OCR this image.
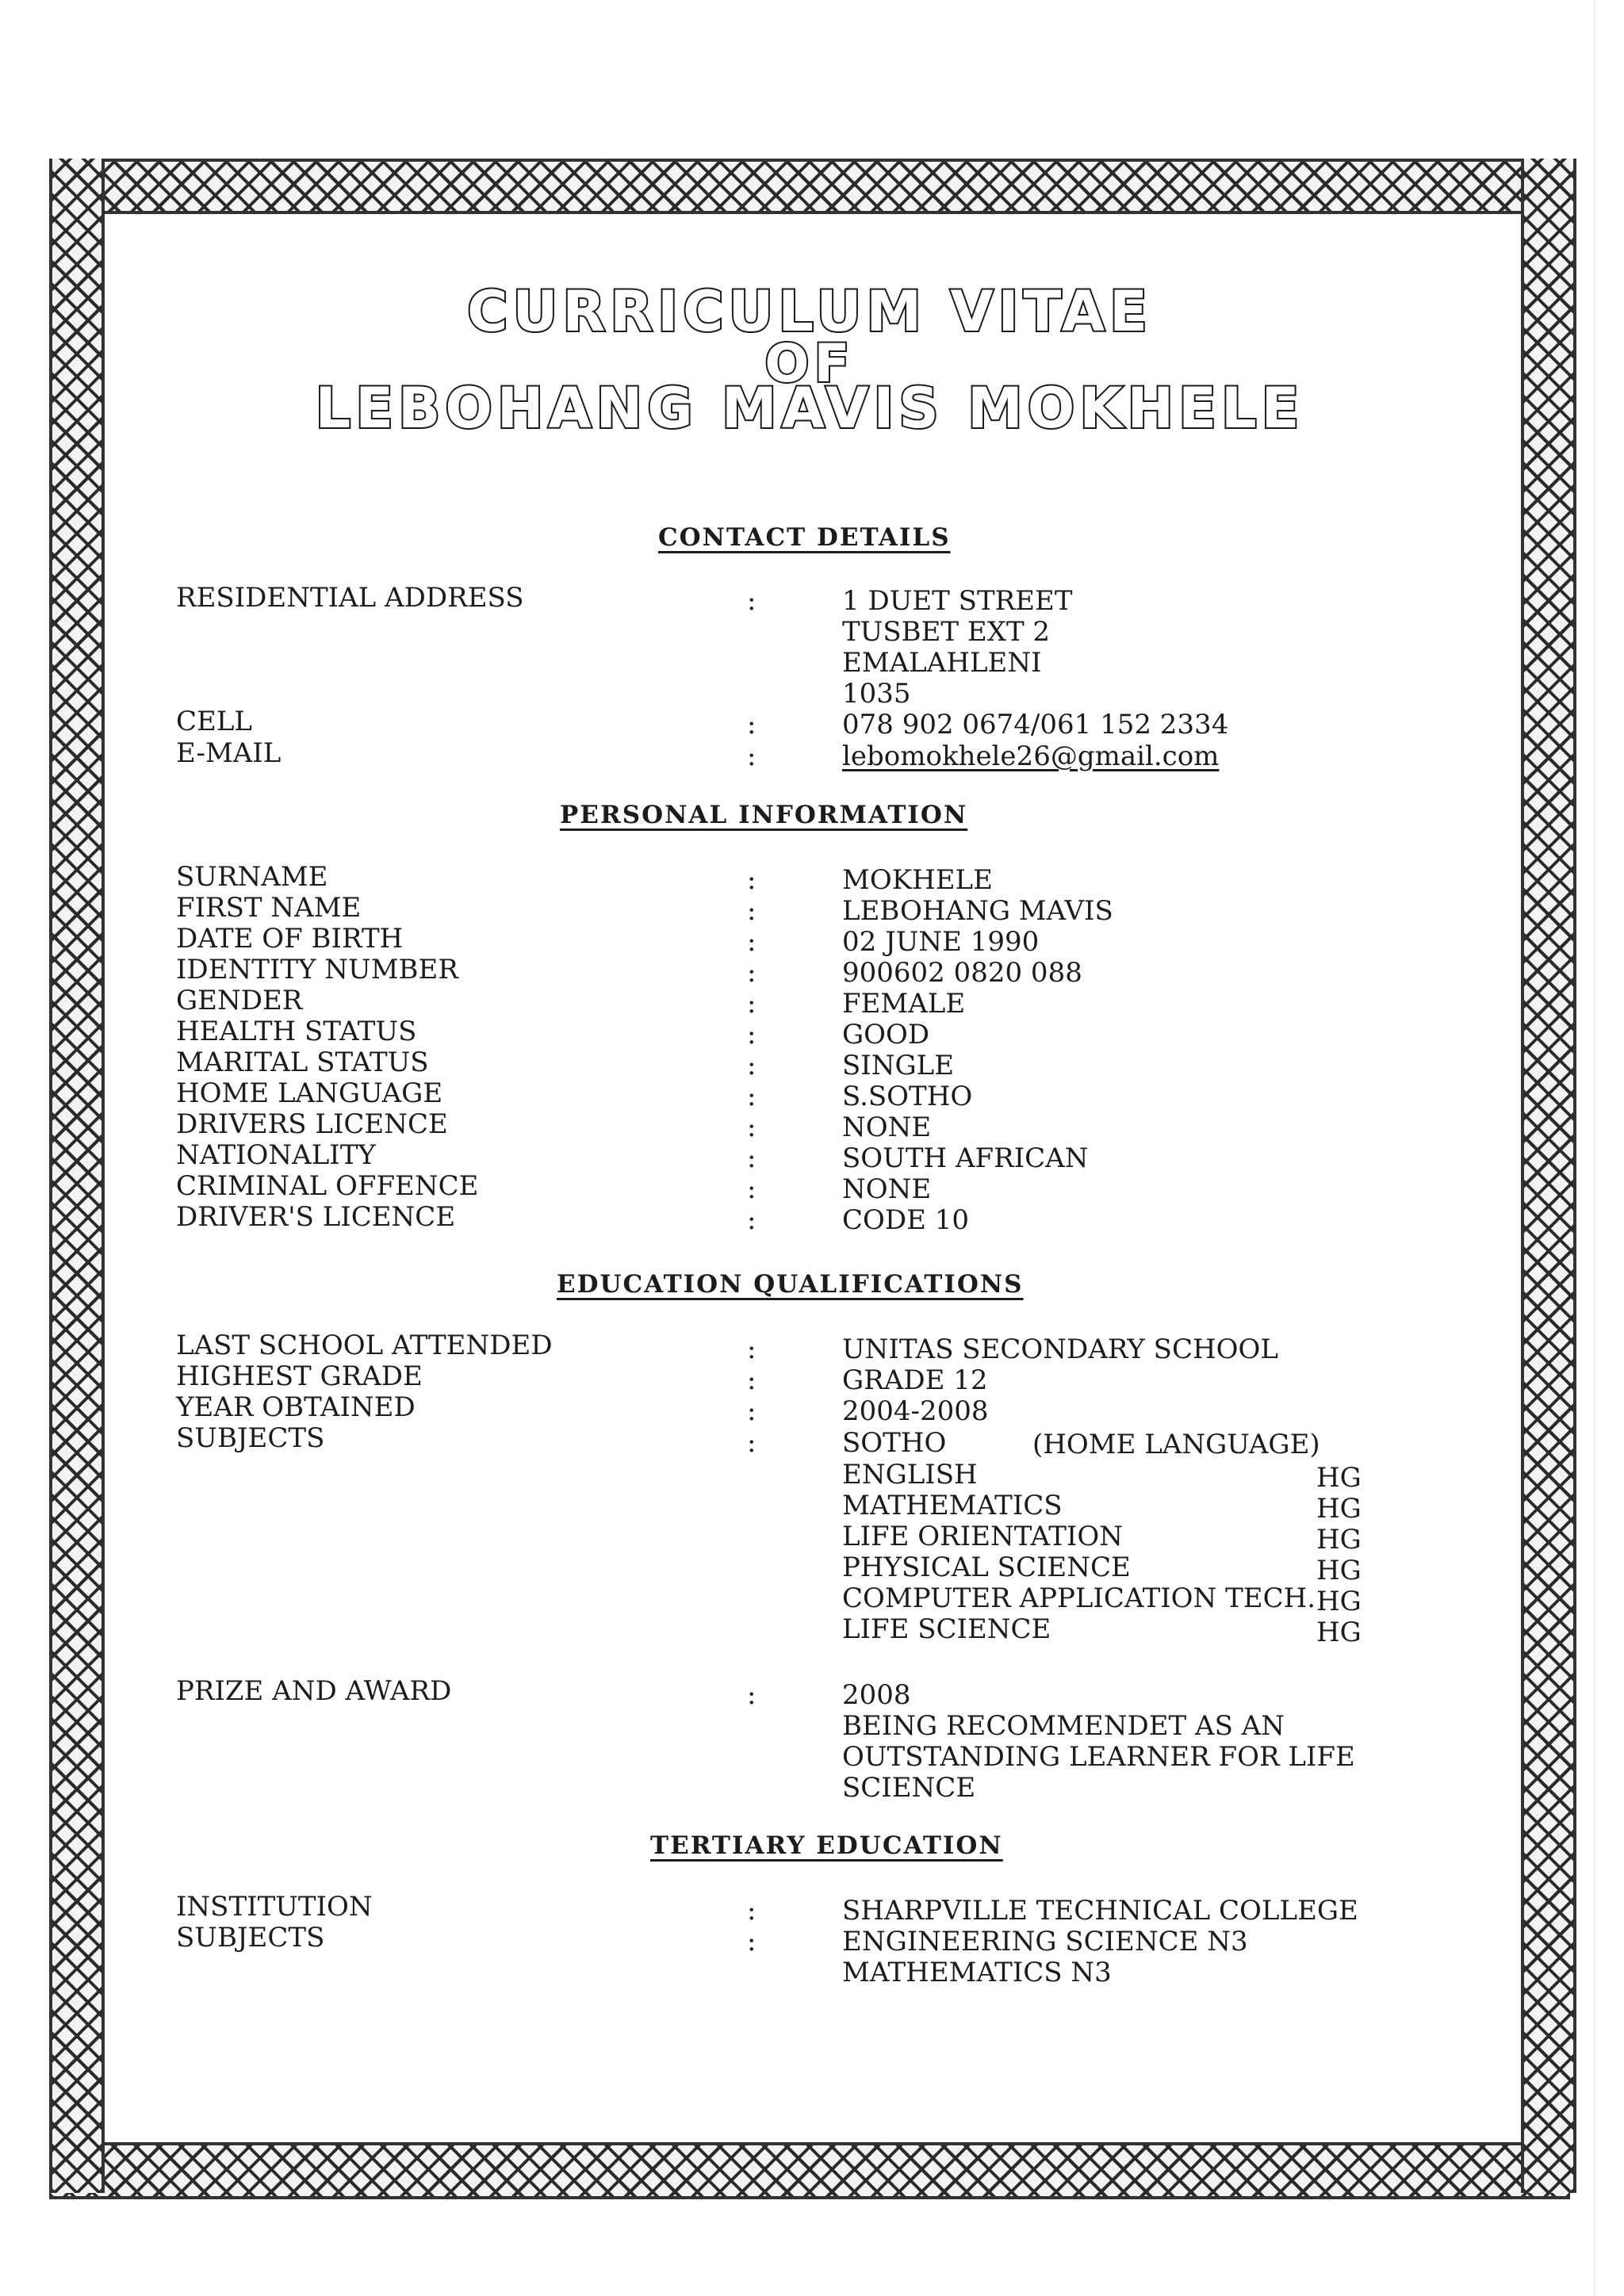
CURRICULUM VITAE
OF
LEBOHANG MAVIS MOKHELE
CONTACT DETAILS
RESIDENTIAL ADDRESS	:	1 DUET STREET
TUSBET EXT 2
EMALAHLENI
1035
CELL	:	078 902 0674/061 152 2334
E-MAIL	:	lebomokhele26@gmail.com
PERSONAL INFORMATION
SURNAME	:	MOKHELE
FIRST NAME	:	LEBOHANG MAVIS
DATE OF BIRTH	:	02 JUNE 1990
IDENTITY NUMBER	:	900602 0820 088
GENDER	:	FEMALE
HEALTH STATUS	:	GOOD
MARITAL STATUS	:	SINGLE
HOME LANGUAGE	:	S.SOTHO
DRIVERS LICENCE	:	NONE
NATIONALITY	:	SOUTH AFRICAN
CRIMINAL OFFENCE	:	NONE
DRIVER'S LICENCE	:	CODE 10
EDUCATION QUALIFICATIONS
LAST SCHOOL ATTENDED	:	UNITAS SECONDARY SCHOOL
HIGHEST GRADE	:	GRADE 12
YEAR OBTAINED	:	2004-2008
SUBJECTS	:	SOTHO	(HOME LANGUAGE)
ENGLISH	HG
MATHEMATICS	HG
LIFE ORIENTATION	HG
PHYSICAL SCIENCE	HG
COMPUTER APPLICATION TECH. HG
LIFE SCIENCE	HG
PRIZE AND AWARD	:	2008
BEING RECOMMENDET AS AN
OUTSTANDING LEARNER FOR LIFE
SCIENCE
TERTIARY EDUCATION
INSTITUTION	:	SHARPVILLE TECHNICAL COLLEGE
SUBJECTS	:	ENGINEERING SCIENCE N3
MATHEMATICS N3
